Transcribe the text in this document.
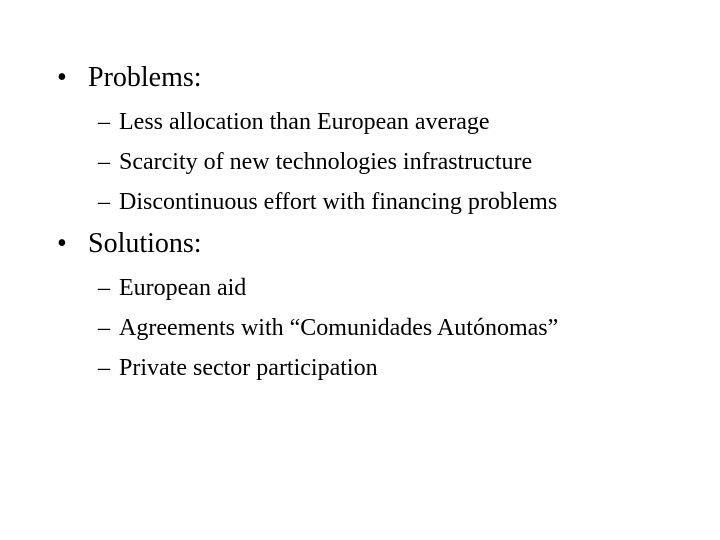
• Problems:
– Less allocation than European average
– Scarcity of new technologies infrastructure
– Discontinuous effort with financing problems
• Solutions:
– European aid
– Agreements with “Comunidades Autónomas”
– Private sector participation
